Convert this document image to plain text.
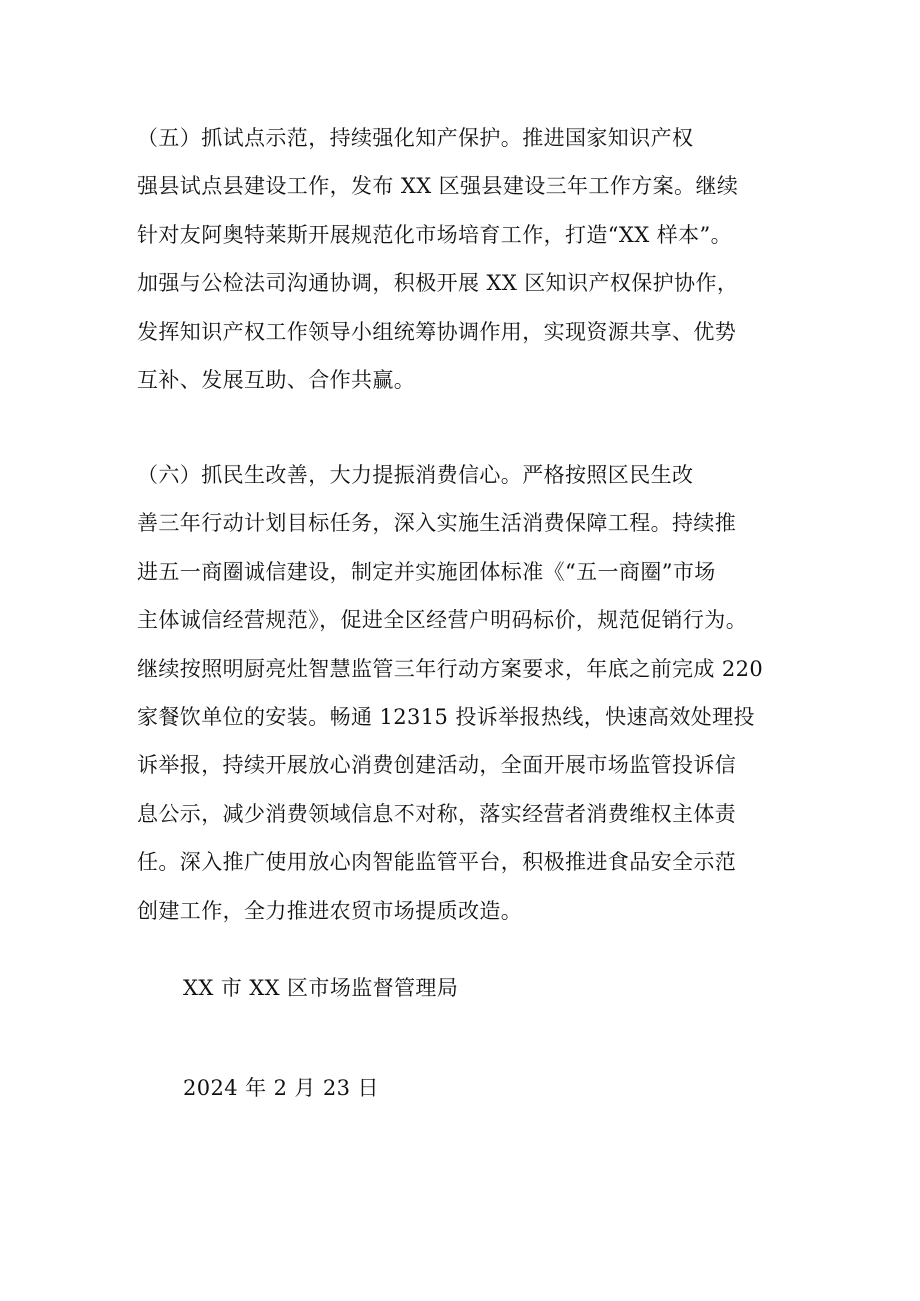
（五）抓试点示范，持续强化知产保护。推进国家知识产权
强县试点县建设工作，发布 XX 区强县建设三年工作方案。继续
针对友阿奥特莱斯开展规范化市场培育工作，打造“XX 样本”。
加强与公检法司沟通协调，积极开展 XX 区知识产权保护协作，
发挥知识产权工作领导小组统筹协调作用，实现资源共享、优势
互补、发展互助、合作共赢。

（六）抓民生改善，大力提振消费信心。严格按照区民生改
善三年行动计划目标任务，深入实施生活消费保障工程。持续推
进五一商圈诚信建设，制定并实施团体标准《“五一商圈”市场
主体诚信经营规范》，促进全区经营户明码标价，规范促销行为。
继续按照明厨亮灶智慧监管三年行动方案要求，年底之前完成 220
家餐饮单位的安装。畅通 12315 投诉举报热线，快速高效处理投
诉举报，持续开展放心消费创建活动，全面开展市场监管投诉信
息公示，减少消费领域信息不对称，落实经营者消费维权主体责
任。深入推广使用放心肉智能监管平台，积极推进食品安全示范
创建工作，全力推进农贸市场提质改造。

XX 市 XX 区市场监督管理局

2024 年 2 月 23 日
